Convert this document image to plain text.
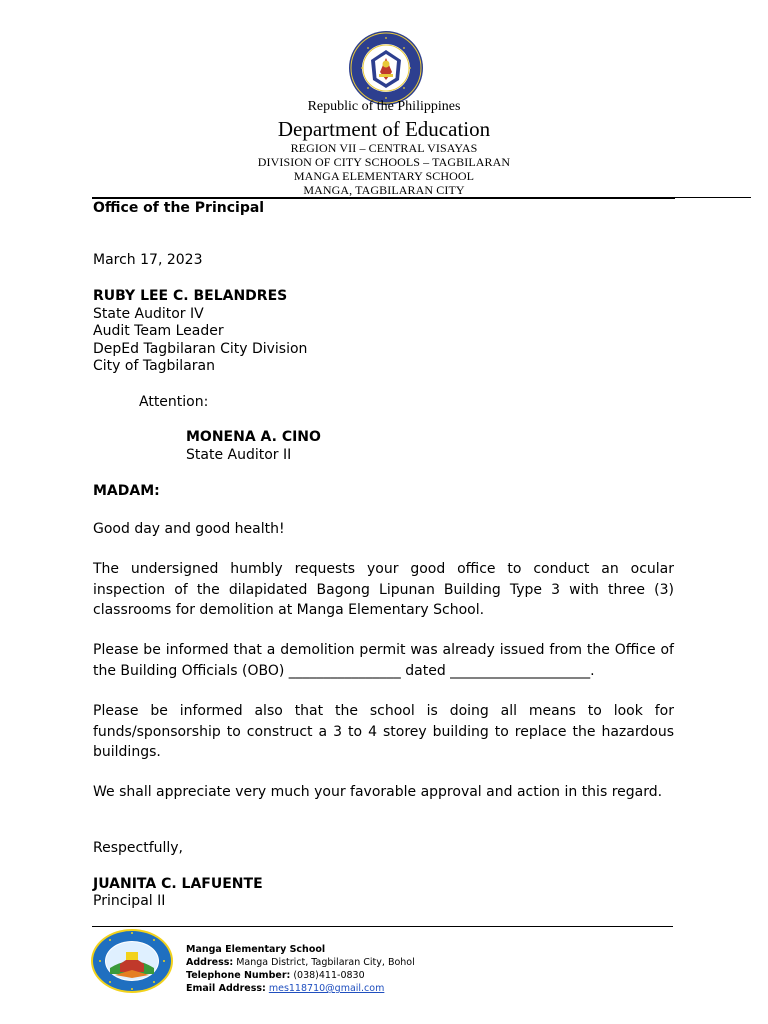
Republic of the Philippines
Department of Education
REGION VII – CENTRAL VISAYAS
DIVISION OF CITY SCHOOLS – TAGBILARAN
MANGA ELEMENTARY SCHOOL
MANGA, TAGBILARAN CITY
Office of the Principal
March 17, 2023
RUBY LEE C. BELANDRES
State Auditor IV
Audit Team Leader
DepEd Tagbilaran City Division
City of Tagbilaran
Attention:
MONENA A. CINO
State Auditor II
MADAM:
Good day and good health!
The undersigned humbly requests your good office to conduct an ocular inspection of the dilapidated Bagong Lipunan Building Type 3 with three (3) classrooms for demolition at Manga Elementary School.
Please be informed that a demolition permit was already issued from the Office of the Building Officials (OBO) ________________ dated ____________________.
Please be informed also that the school is doing all means to look for funds/sponsorship to construct a 3 to 4 storey building to replace the hazardous buildings.
We shall appreciate very much your favorable approval and action in this regard.
Respectfully,
JUANITA C. LAFUENTE
Principal II
Manga Elementary School
Address: Manga District, Tagbilaran City, Bohol
Telephone Number: (038)411-0830
Email Address: mes118710@gmail.com
